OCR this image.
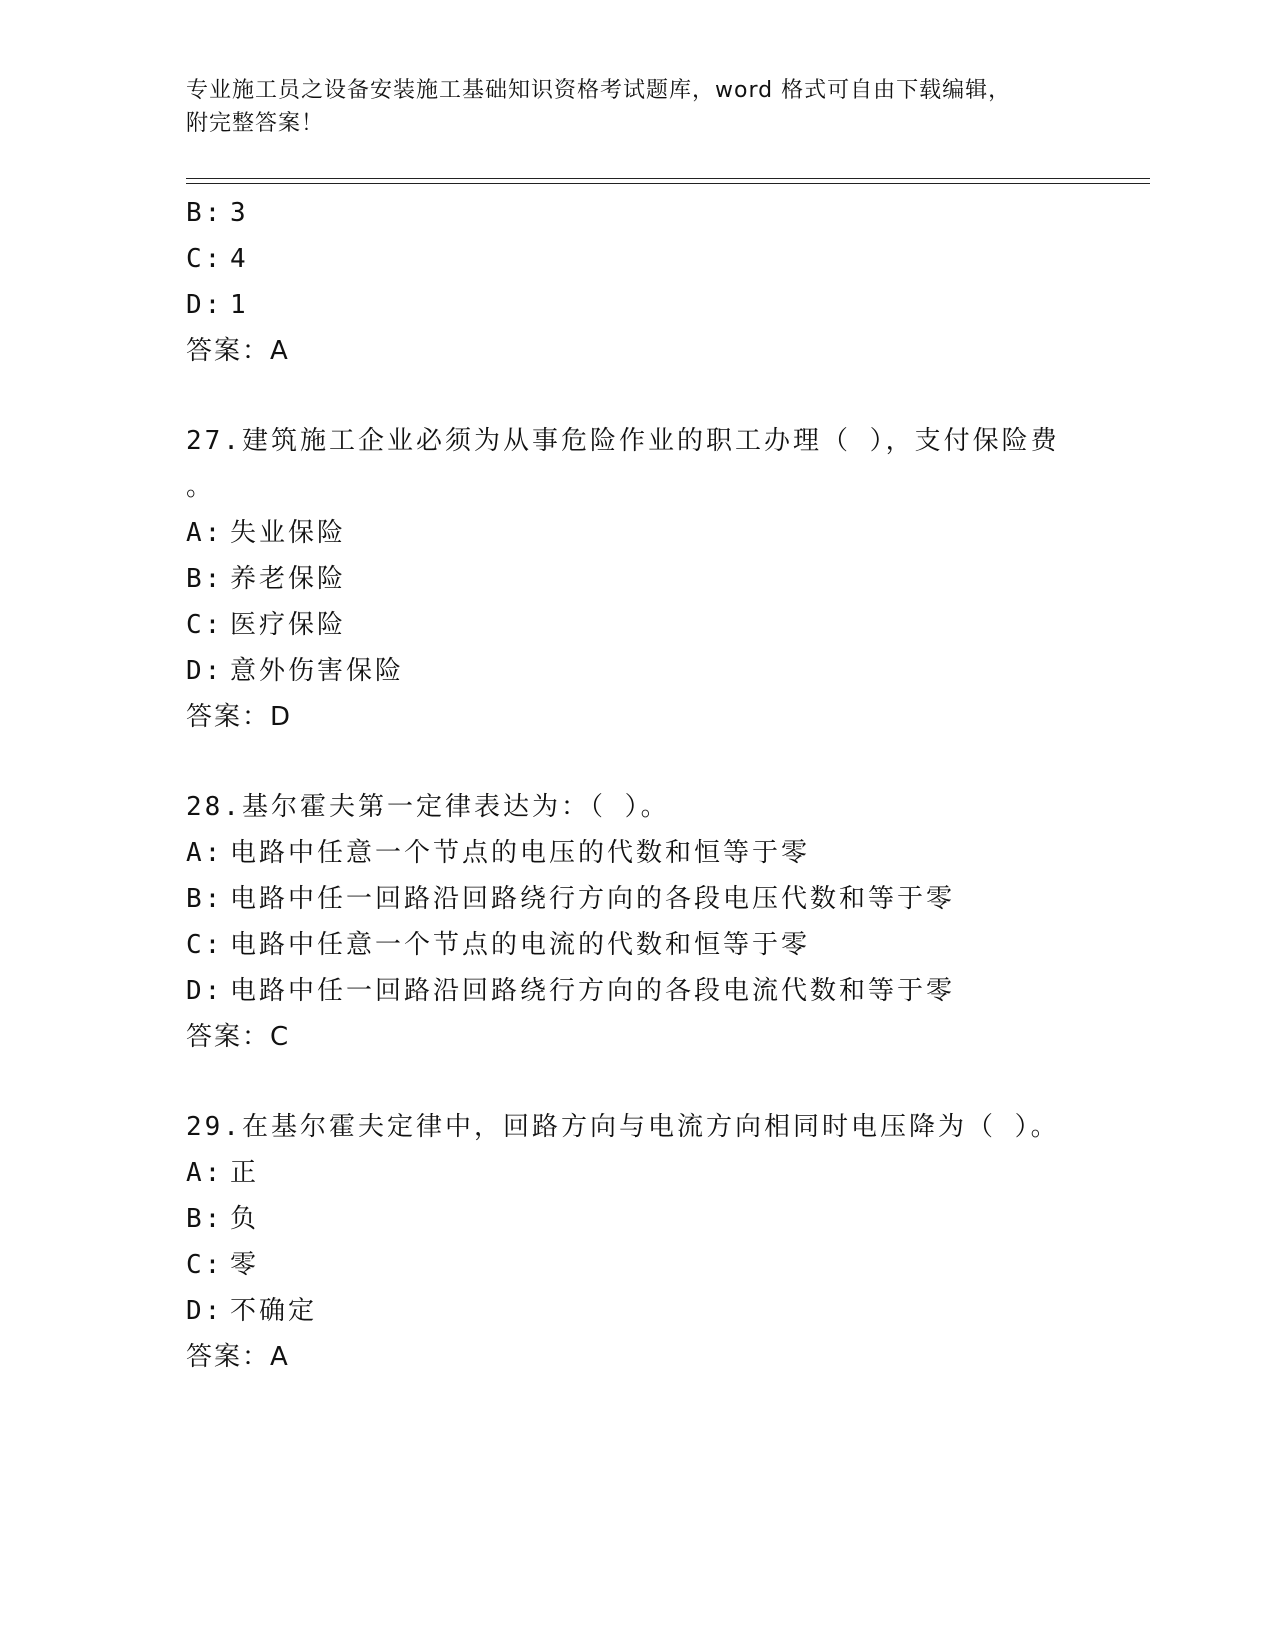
专业施工员之设备安装施工基础知识资格考试题库，word 格式可自由下载编辑，
附完整答案！
B: 3
C: 4
D: 1
答案：A
27.建筑施工企业必须为从事危险作业的职工办理（ ），支付保险费
。
A: 失业保险
B: 养老保险
C: 医疗保险
D: 意外伤害保险
答案：D
28.基尔霍夫第一定律表达为：（ ）。
A: 电路中任意一个节点的电压的代数和恒等于零
B: 电路中任一回路沿回路绕行方向的各段电压代数和等于零
C: 电路中任意一个节点的电流的代数和恒等于零
D: 电路中任一回路沿回路绕行方向的各段电流代数和等于零
答案：C
29.在基尔霍夫定律中，回路方向与电流方向相同时电压降为（ ）。
A: 正
B: 负
C: 零
D: 不确定
答案：A
